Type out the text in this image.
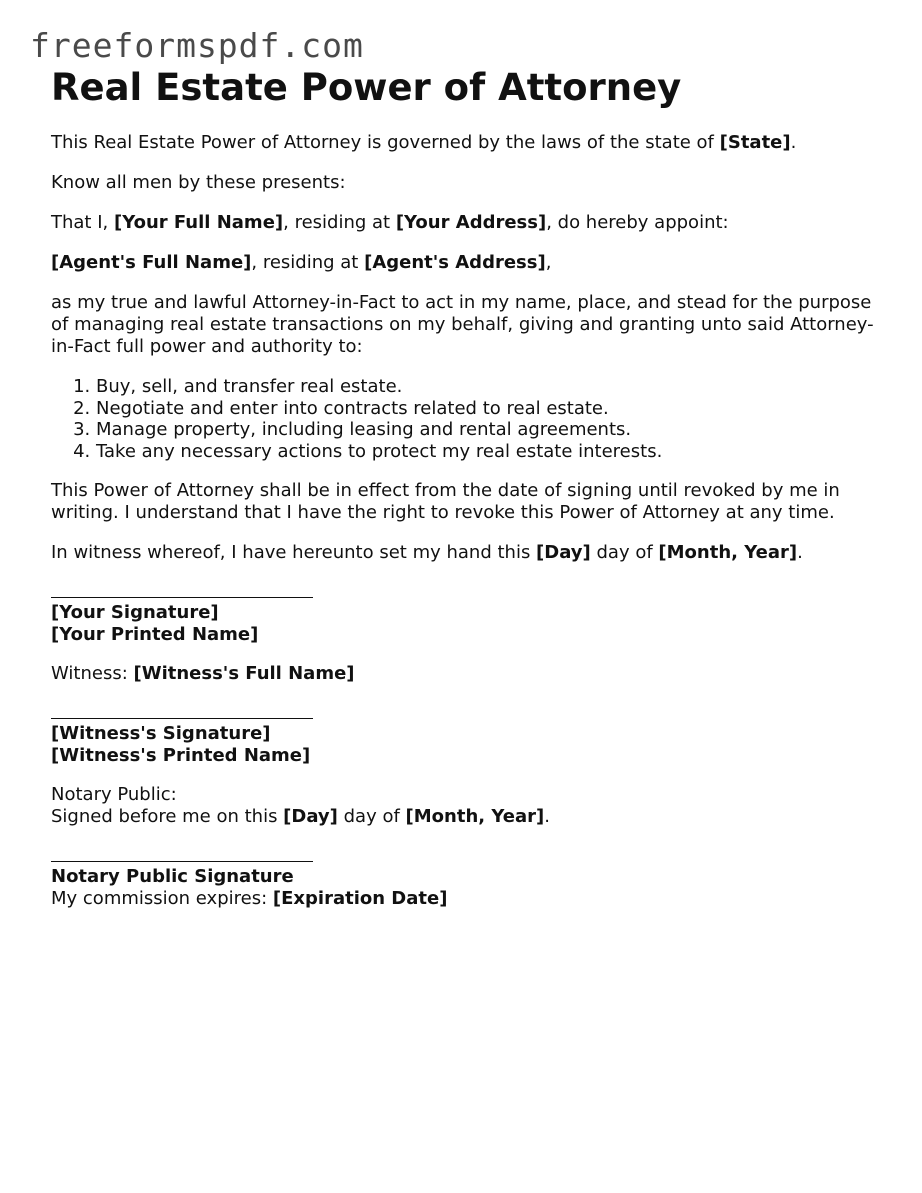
freeformspdf.com
Real Estate Power of Attorney

This Real Estate Power of Attorney is governed by the laws of the state of [State].

Know all men by these presents:

That I, [Your Full Name], residing at [Your Address], do hereby appoint:

[Agent's Full Name], residing at [Agent's Address],

as my true and lawful Attorney-in-Fact to act in my name, place, and stead for the purpose of managing real estate transactions on my behalf, giving and granting unto said Attorney-in-Fact full power and authority to:

1. Buy, sell, and transfer real estate.
2. Negotiate and enter into contracts related to real estate.
3. Manage property, including leasing and rental agreements.
4. Take any necessary actions to protect my real estate interests.

This Power of Attorney shall be in effect from the date of signing until revoked by me in writing. I understand that I have the right to revoke this Power of Attorney at any time.

In witness whereof, I have hereunto set my hand this [Day] day of [Month, Year].

[Your Signature]

[Your Printed Name]

Witness: [Witness's Full Name]

[Witness's Signature]

[Witness's Printed Name]

Notary Public:

Signed before me on this [Day] day of [Month, Year].

Notary Public Signature

My commission expires: [Expiration Date]
